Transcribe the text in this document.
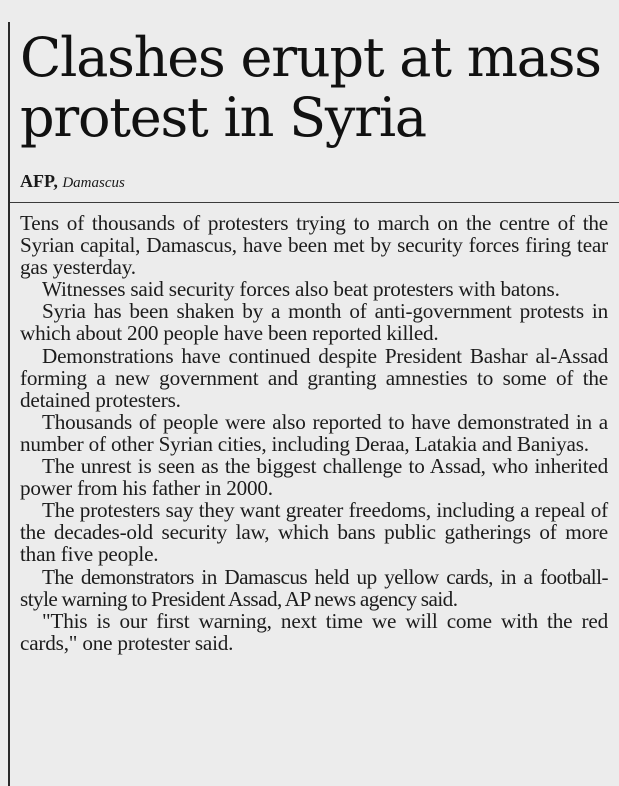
Clashes erupt at mass protest in Syria
AFP, Damascus

Tens of thousands of protesters trying to march on the centre of the Syrian capital, Damascus, have been met by security forces firing tear gas yesterday.

Witnesses said security forces also beat protesters with batons.

Syria has been shaken by a month of anti-government protests in which about 200 people have been reported killed.

Demonstrations have continued despite President Bashar al-Assad forming a new government and granting amnesties to some of the detained protesters.

Thousands of people were also reported to have demonstrated in a number of other Syrian cities, including Deraa, Latakia and Baniyas.

The unrest is seen as the biggest challenge to Assad, who inherited power from his father in 2000.

The protesters say they want greater freedoms, including a repeal of the decades-old security law, which bans public gatherings of more than five people.

The demonstrators in Damascus held up yellow cards, in a football-style warning to President Assad, AP news agency said.

"This is our first warning, next time we will come with the red cards," one protester said.
